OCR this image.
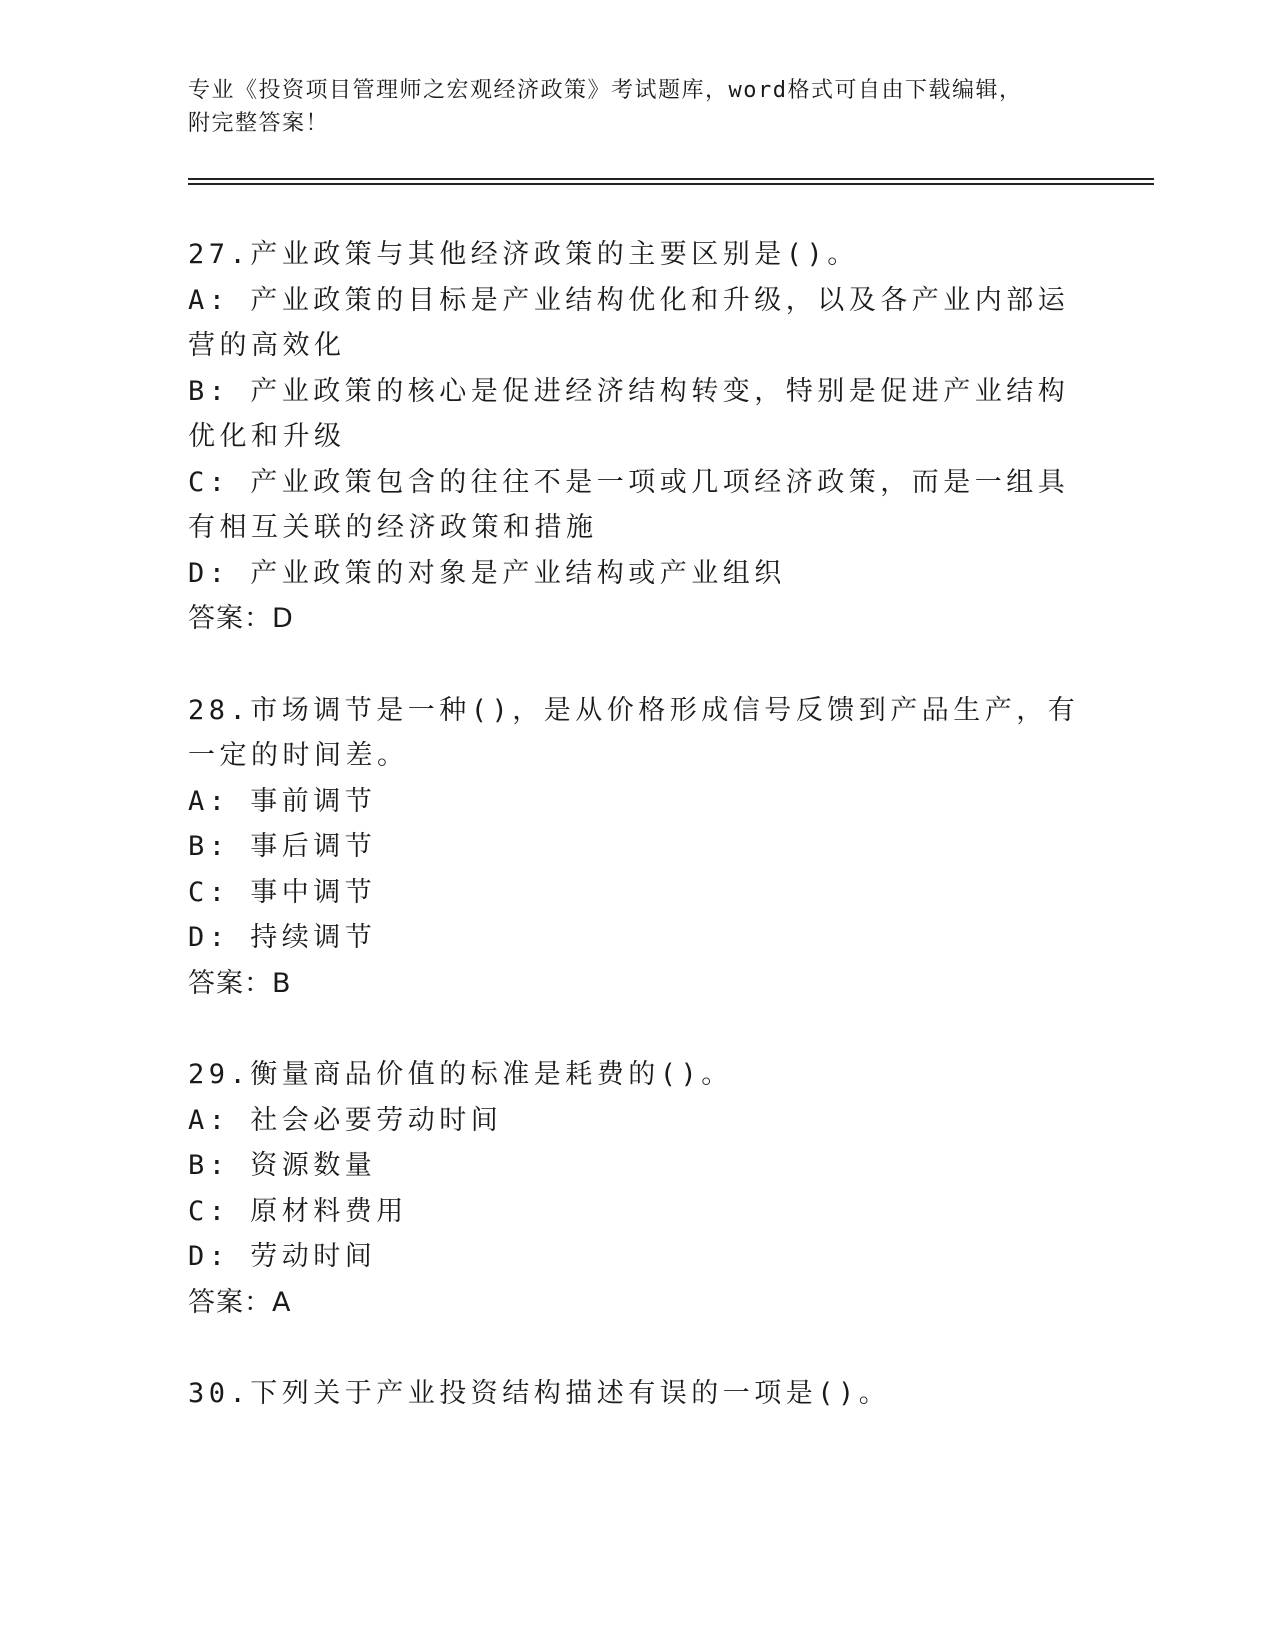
专业《投资项目管理师之宏观经济政策》考试题库，word格式可自由下载编辑，
附完整答案！

27.产业政策与其他经济政策的主要区别是()。

A: 产业政策的目标是产业结构优化和升级，以及各产业内部运营的高效化

B: 产业政策的核心是促进经济结构转变，特别是促进产业结构优化和升级

C: 产业政策包含的往往不是一项或几项经济政策，而是一组具有相互关联的经济政策和措施

D: 产业政策的对象是产业结构或产业组织

答案：D

28.市场调节是一种()，是从价格形成信号反馈到产品生产，有一定的时间差。

A: 事前调节

B: 事后调节

C: 事中调节

D: 持续调节

答案：B

29.衡量商品价值的标准是耗费的()。

A: 社会必要劳动时间

B: 资源数量

C: 原材料费用

D: 劳动时间

答案：A

30.下列关于产业投资结构描述有误的一项是()。
